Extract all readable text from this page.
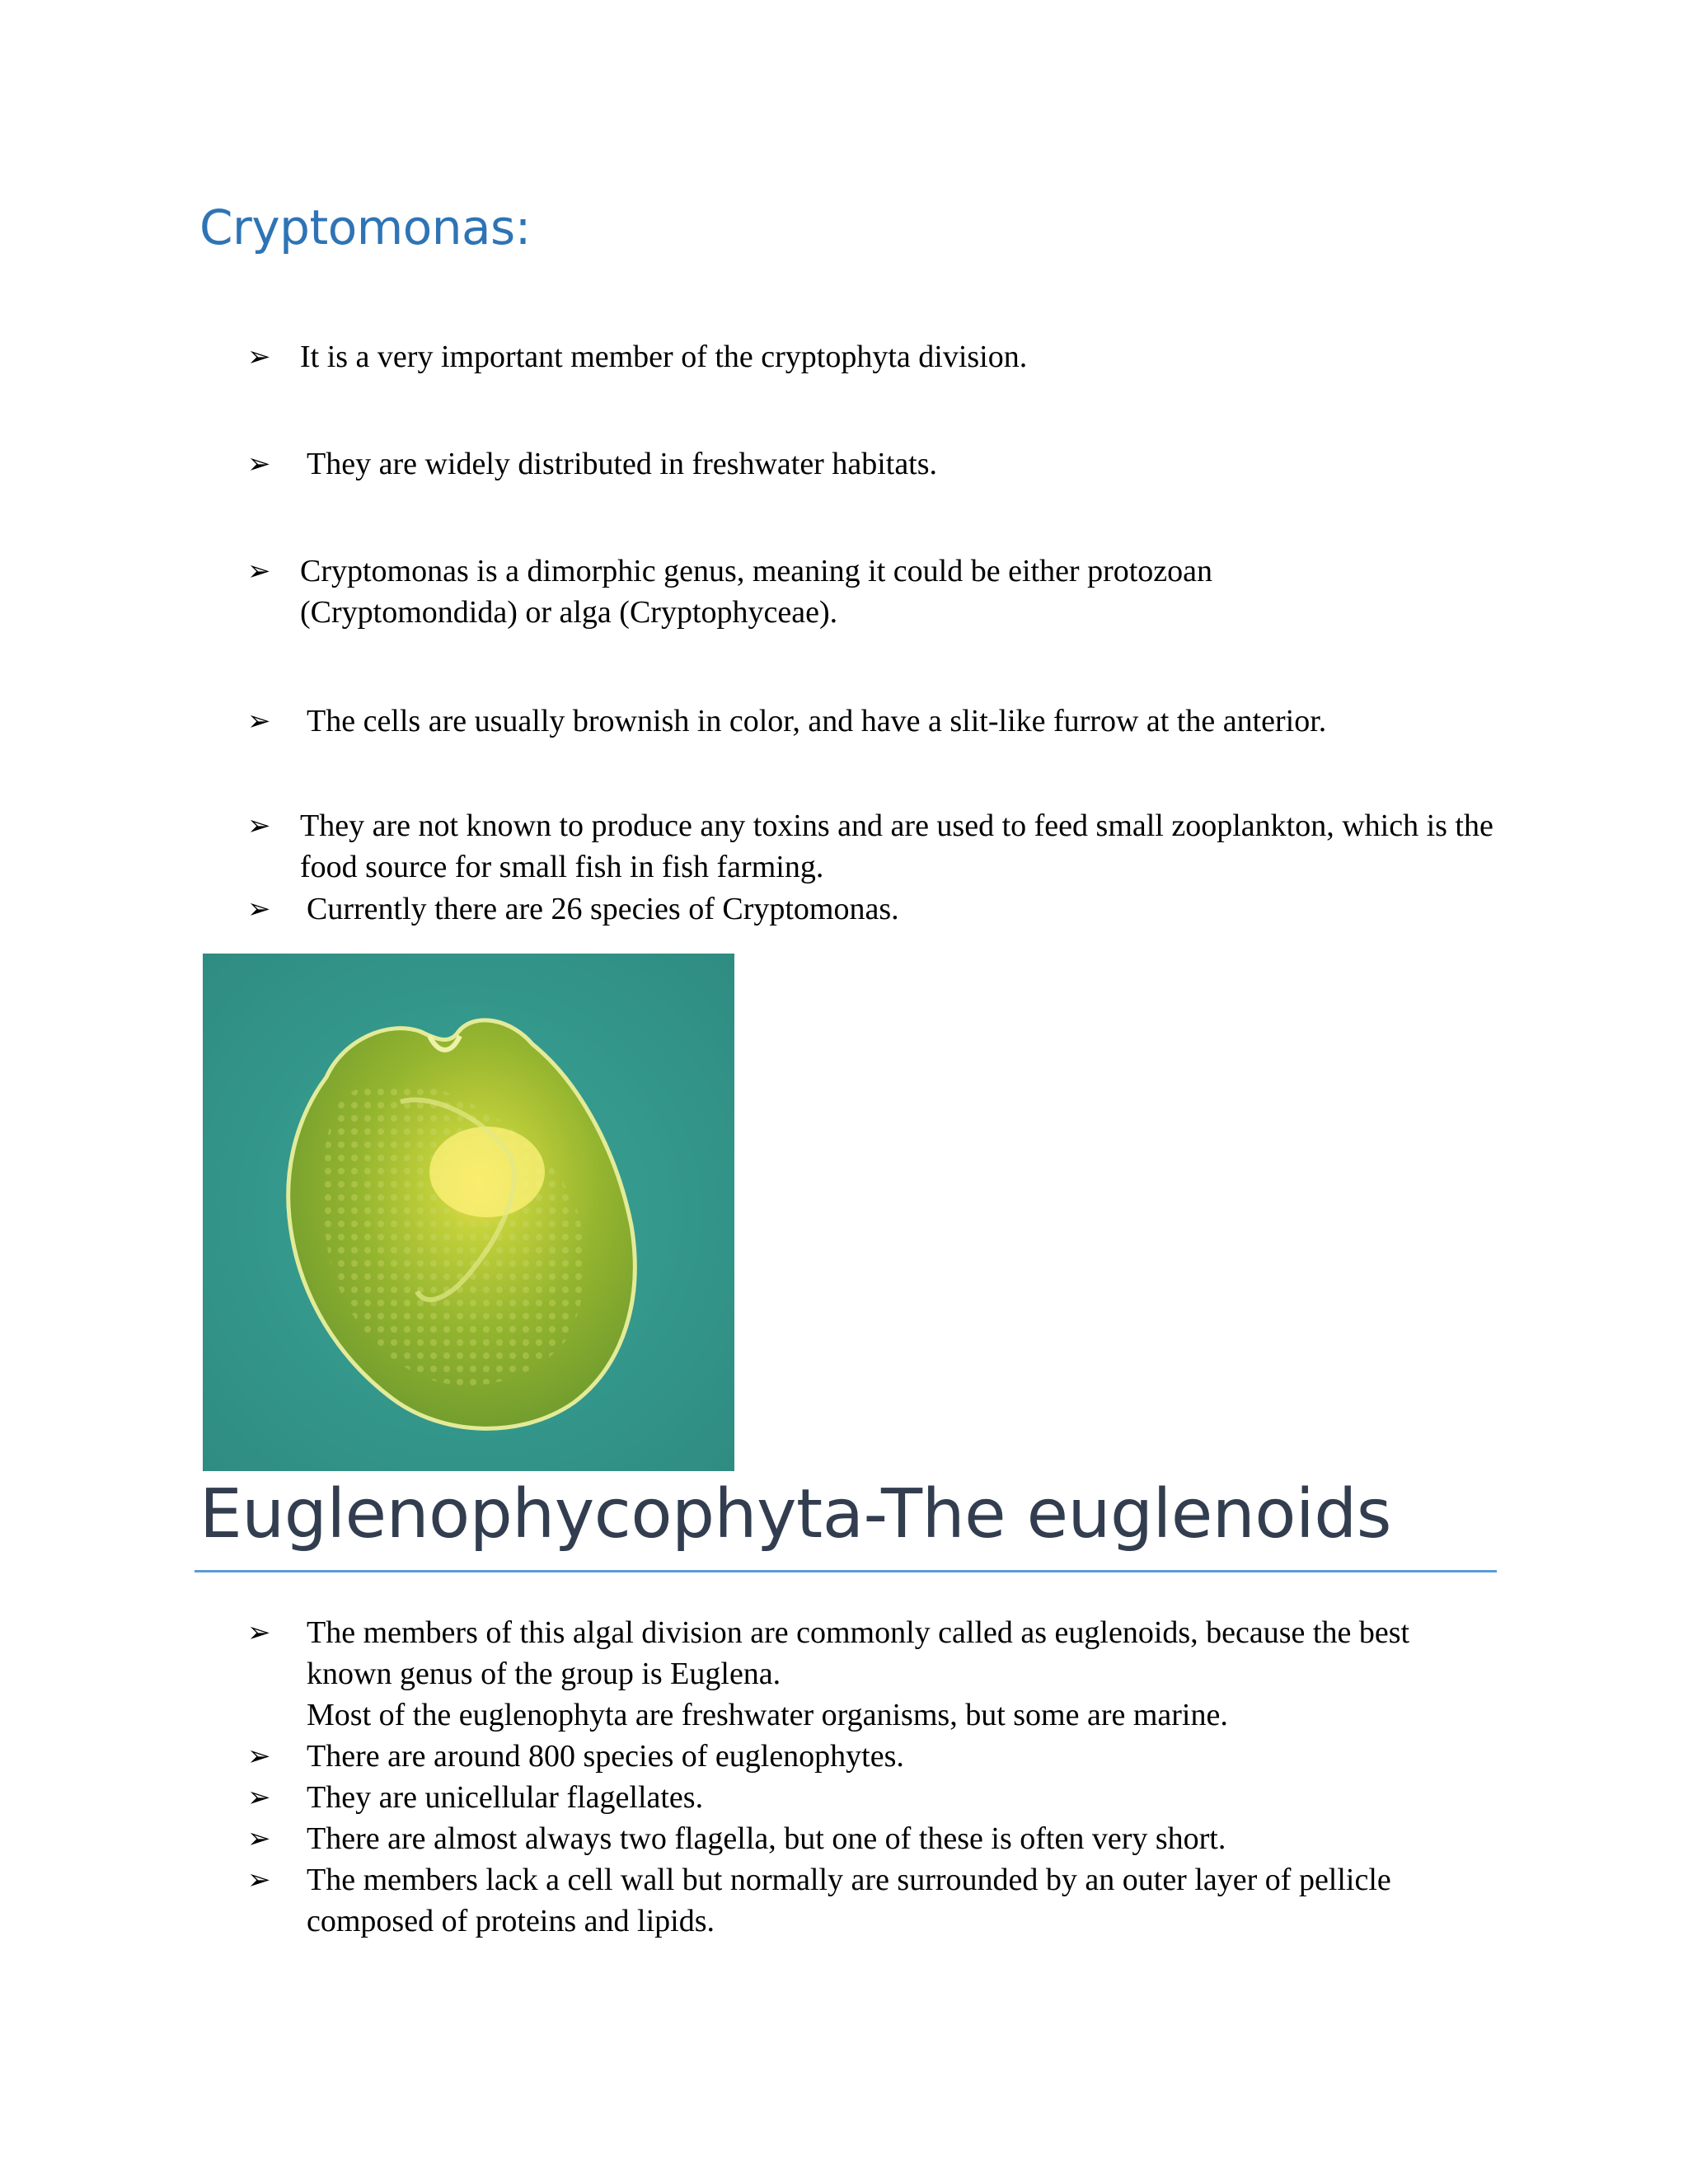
Cryptomonas:
➢ It is a very important member of the cryptophyta division.
➢	They are widely distributed in freshwater habitats.
➢ Cryptomonas is a dimorphic genus, meaning it could be either protozoan (Cryptomondida) or alga (Cryptophyceae).
➢	The cells are usually brownish in color, and have a slit-like furrow at the anterior.
➢ They are not known to produce any toxins and are used to feed small zooplankton, which is the food source for small fish in fish farming.
➢	Currently there are 26 species of Cryptomonas.
Euglenophycophyta-The euglenoids
➢	The members of this algal division are commonly called as euglenoids, because the best known genus of the group is Euglena.
Most of the euglenophyta are freshwater organisms, but some are marine.
➢	There are around 800 species of euglenophytes.
➢	They are unicellular flagellates.
➢	There are almost always two flagella, but one of these is often very short.
➢	The members lack a cell wall but normally are surrounded by an outer layer of pellicle composed of proteins and lipids.
